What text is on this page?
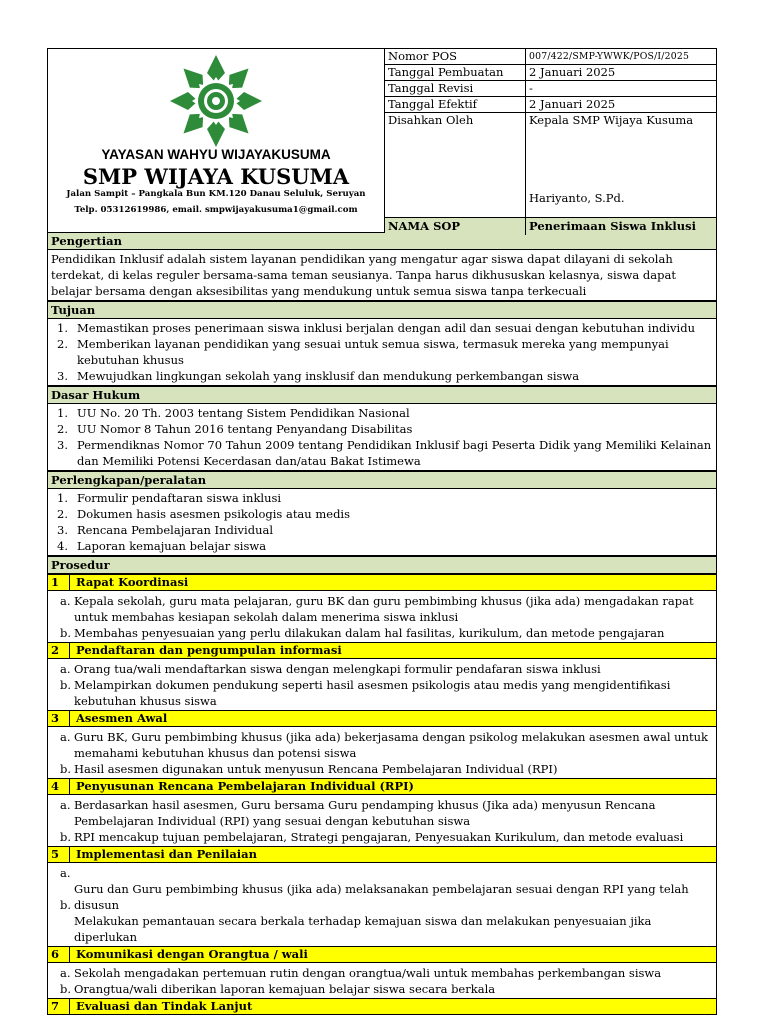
YAYASAN WAHYU WIJAYAKUSUMA
SMP WIJAYA KUSUMA
Jalan Sampit – Pangkala Bun KM.120 Danau Seluluk, Seruyan
Telp. 05312619986, email. smpwijayakusuma1@gmail.com
Nomor POS	007/422/SMP-YWWK/POS/I/2025
Tanggal Pembuatan	2 Januari 2025
Tanggal Revisi	-
Tanggal Efektif	2 Januari 2025
Disahkan Oleh	Kepala SMP Wijaya Kusuma
Hariyanto, S.Pd.
NAMA SOP	Penerimaan Siswa Inklusi
Pengertian
Pendidikan Inklusif adalah sistem layanan pendidikan yang mengatur agar siswa dapat dilayani di sekolah terdekat, di kelas reguler bersama-sama teman seusianya. Tanpa harus dikhususkan kelasnya, siswa dapat belajar bersama dengan aksesibilitas yang mendukung untuk semua siswa tanpa terkecuali
Tujuan
1. Memastikan proses penerimaan siswa inklusi berjalan dengan adil dan sesuai dengan kebutuhan individu
2. Memberikan layanan pendidikan yang sesuai untuk semua siswa, termasuk mereka yang mempunyai kebutuhan khusus
3. Mewujudkan lingkungan sekolah yang insklusif dan mendukung perkembangan siswa
Dasar Hukum
1. UU No. 20 Th. 2003 tentang Sistem Pendidikan Nasional
2. UU Nomor 8 Tahun 2016 tentang Penyandang Disabilitas
3. Permendiknas Nomor 70 Tahun 2009 tentang Pendidikan Inklusif bagi Peserta Didik yang Memiliki Kelainan dan Memiliki Potensi Kecerdasan dan/atau Bakat Istimewa
Perlengkapan/peralatan
1. Formulir pendaftaran siswa inklusi
2. Dokumen hasis asesmen psikologis atau medis
3. Rencana Pembelajaran Individual
4. Laporan kemajuan belajar siswa
Prosedur
1	Rapat Koordinasi
a. Kepala sekolah, guru mata pelajaran, guru BK dan guru pembimbing khusus (jika ada) mengadakan rapat untuk membahas kesiapan sekolah dalam menerima siswa inklusi
b. Membahas penyesuaian yang perlu dilakukan dalam hal fasilitas, kurikulum, dan metode pengajaran
2	Pendaftaran dan pengumpulan informasi
a. Orang tua/wali mendaftarkan siswa dengan melengkapi formulir pendafaran siswa inklusi
b. Melampirkan dokumen pendukung seperti hasil asesmen psikologis atau medis yang mengidentifikasi kebutuhan khusus siswa
3	Asesmen Awal
a. Guru BK, Guru pembimbing khusus (jika ada) bekerjasama dengan psikolog melakukan asesmen awal untuk memahami kebutuhan khusus dan potensi siswa
b. Hasil asesmen digunakan untuk menyusun Rencana Pembelajaran Individual (RPI)
4	Penyusunan Rencana Pembelajaran Individual (RPI)
a. Berdasarkan hasil asesmen, Guru bersama Guru pendamping khusus (Jika ada) menyusun Rencana Pembelajaran Individual (RPI) yang sesuai dengan kebutuhan siswa
b. RPI mencakup tujuan pembelajaran, Strategi pengajaran, Penyesuakan Kurikulum, dan metode evaluasi
5	Implementasi dan Penilaian
a.
Guru dan Guru pembimbing khusus (jika ada) melaksanakan pembelajaran sesuai dengan RPI yang telah
b. disusun
Melakukan pemantauan secara berkala terhadap kemajuan siswa dan melakukan penyesuaian jika diperlukan
6	Komunikasi dengan Orangtua / wali
a. Sekolah mengadakan pertemuan rutin dengan orangtua/wali untuk membahas perkembangan siswa
b. Orangtua/wali diberikan laporan kemajuan belajar siswa secara berkala
7	Evaluasi dan Tindak Lanjut
